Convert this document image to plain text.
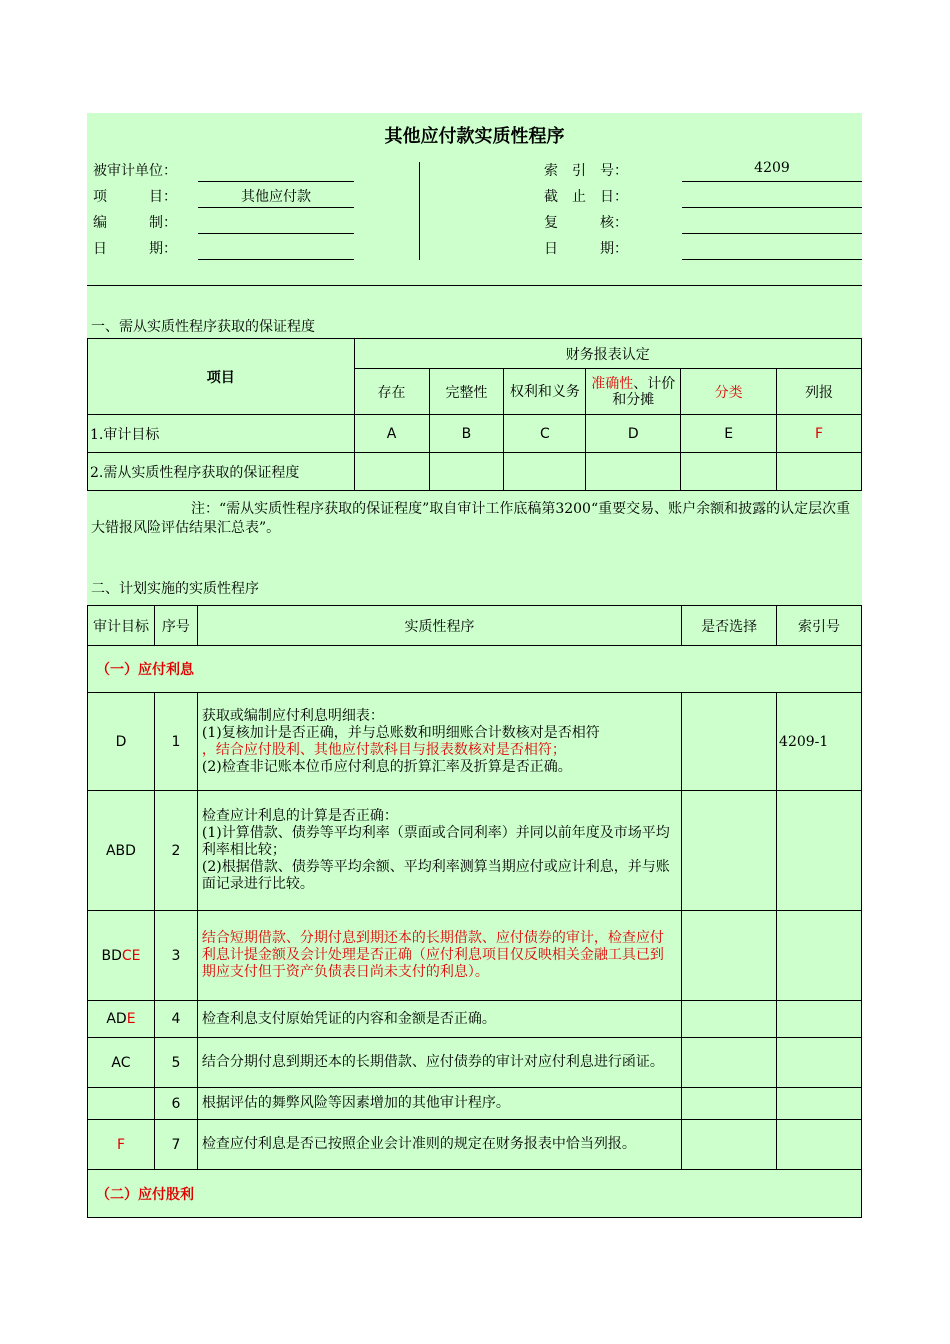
其他应付款实质性程序
被审计单位：
项　　　目：	其他应付款
编　　　制：
日　　　期：
索　引　号：	4209
截　止　日：
复　　　核：
日　　　期：
一、需从实质性程序获取的保证程度
项目	财务报表认定					
	存在	完整性	权利和义务	准确性、计价和分摊	分类	列报
1.审计目标	A	B	C	D	E	F
2.需从实质性程序获取的保证程度						
注：“需从实质性程序获取的保证程度”取自审计工作底稿第3200“重要交易、账户余额和披露的认定层次重大错报风险评估结果汇总表”。
二、计划实施的实质性程序
审计目标	序号	实质性程序	是否选择	索引号
（一）应付利息				
D	1	获取或编制应付利息明细表：
(1)复核加计是否正确，并与总账数和明细账合计数核对是否相符
，结合应付股利、其他应付款科目与报表数核对是否相符；
(2)检查非记账本位币应付利息的折算汇率及折算是否正确。		4209-1
ABD	2	检查应计利息的计算是否正确：
(1)计算借款、债券等平均利率（票面或合同利率）并同以前年度及市场平均利率相比较；
(2)根据借款、债券等平均余额、平均利率测算当期应付或应计利息，并与账面记录进行比较。		

BDCE	3	结合短期借款、分期付息到期还本的长期借款、应付债券的审计，检查应付利息计提金额及会计处理是否正确（应付利息项目仅反映相关金融工具已到期应支付但于资产负债表日尚未支付的利息）。		

ADE	4	检查利息支付原始凭证的内容和金额是否正确。		

AC	5	结合分期付息到期还本的长期借款、应付债券的审计对应付利息进行函证。		

	6	根据评估的舞弊风险等因素增加的其他审计程序。		

F	7	检查应付利息是否已按照企业会计准则的规定在财务报表中恰当列报。		

（二）应付股利				
